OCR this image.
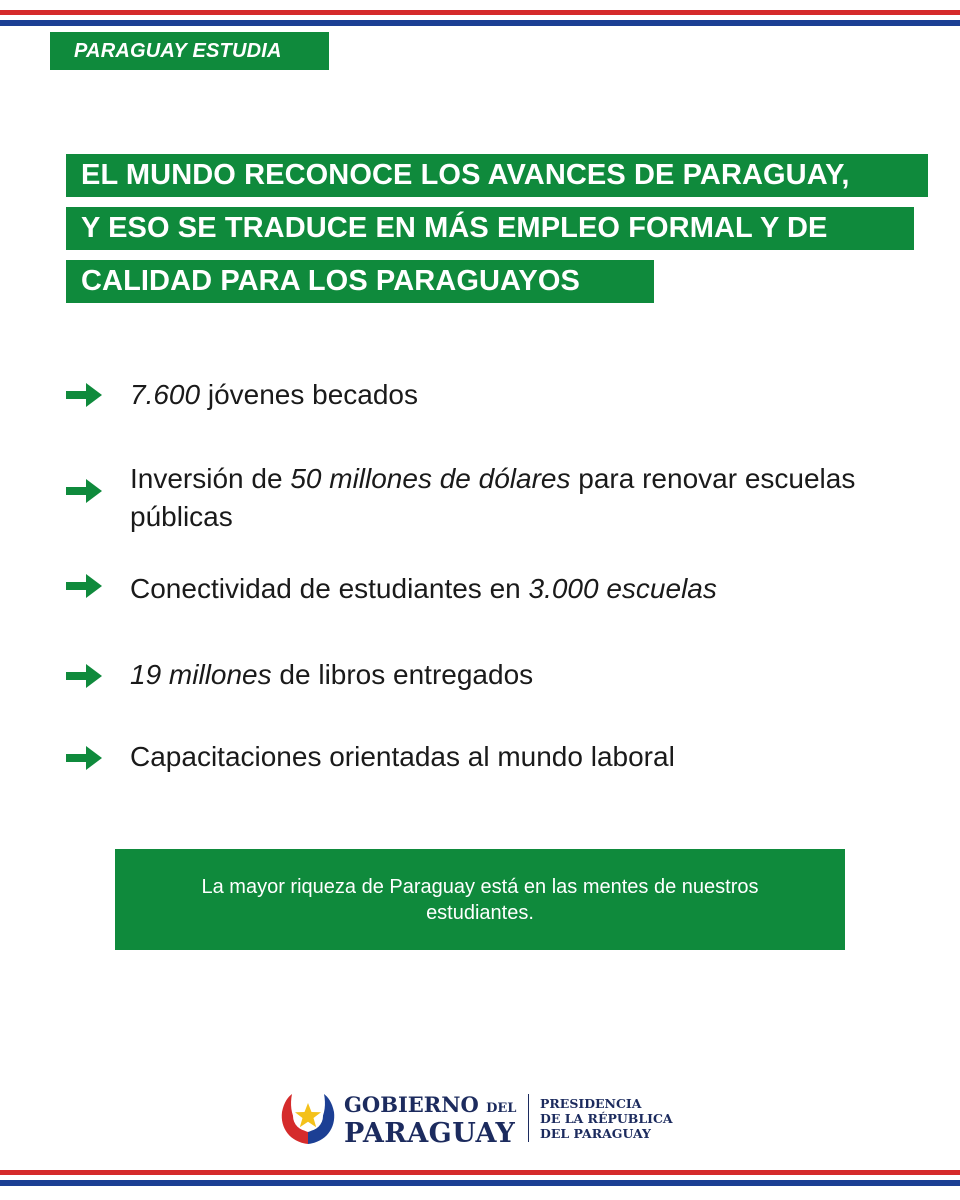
PARAGUAY ESTUDIA
EL MUNDO RECONOCE LOS AVANCES DE PARAGUAY,
Y ESO SE TRADUCE EN MÁS EMPLEO FORMAL Y DE
CALIDAD PARA LOS PARAGUAYOS
7.600 jóvenes becados
Inversión de 50 millones de dólares para renovar escuelas públicas
Conectividad de estudiantes en 3.000 escuelas
19 millones de libros entregados
Capacitaciones orientadas al mundo laboral
La mayor riqueza de Paraguay está en las mentes de nuestros estudiantes.
GOBIERNO DEL
PARAGUAY
PRESIDENCIA
DE LA RÉPUBLICA
DEL PARAGUAY
